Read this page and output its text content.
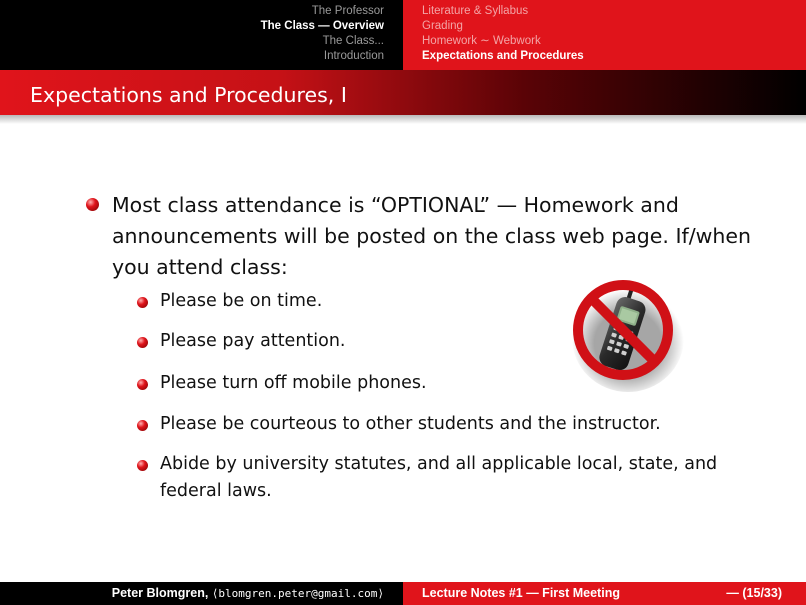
The Professor
The Class — Overview
The Class...
Introduction
Literature & Syllabus
Grading
Homework ∼ Webwork
Expectations and Procedures
Expectations and Procedures, I
Most class attendance is “OPTIONAL” — Homework and announcements will be posted on the class web page. If/when you attend class:
Please be on time.
Please pay attention.
Please turn off mobile phones.
Please be courteous to other students and the instructor.
Abide by university statutes, and all applicable local, state, and federal laws.
Peter Blomgren, ⟨blomgren.peter@gmail.com⟩	Lecture Notes #1 — First Meeting	— (15/33)
